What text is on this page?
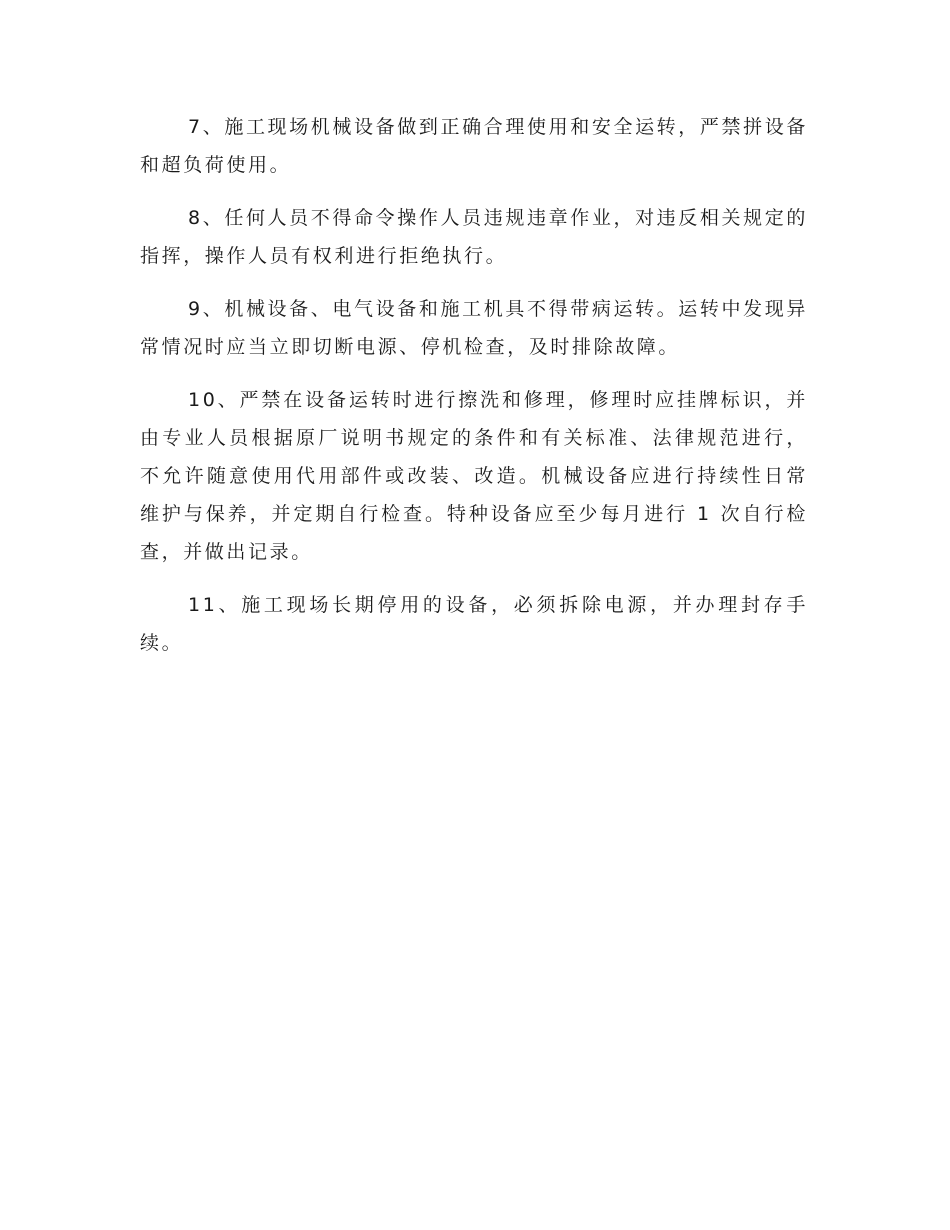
7、施工现场机械设备做到正确合理使用和安全运转，严禁拼设备和超负荷使用。

8、任何人员不得命令操作人员违规违章作业，对违反相关规定的指挥，操作人员有权利进行拒绝执行。

9、机械设备、电气设备和施工机具不得带病运转。运转中发现异常情况时应当立即切断电源、停机检查，及时排除故障。

10、严禁在设备运转时进行擦洗和修理，修理时应挂牌标识，并由专业人员根据原厂说明书规定的条件和有关标准、法律规范进行，不允许随意使用代用部件或改装、改造。机械设备应进行持续性日常维护与保养，并定期自行检查。特种设备应至少每月进行 1 次自行检查，并做出记录。

11、施工现场长期停用的设备，必须拆除电源，并办理封存手续。
